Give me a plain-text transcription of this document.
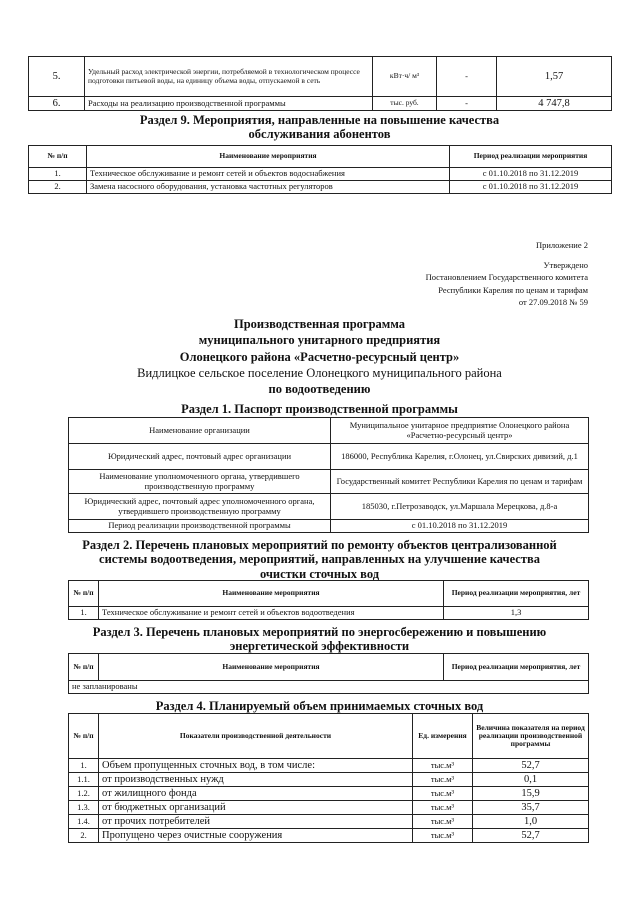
5.	Удельный расход электрической энергии, потребляемой в технологическом процессе подготовки питьевой воды, на единицу объема воды, отпускаемой в сеть	кВт·ч/ м³	-	1,57
6.	Расходы на реализацию производственной программы	тыс. руб.	-	4 747,8
Раздел 9. Мероприятия, направленные на повышение качества
обслуживания абонентов
№ п/п	Наименование мероприятия	Период реализации мероприятия
1.	Техническое обслуживание и ремонт сетей и объектов водоснабжения	с 01.10.2018 по 31.12.2019
2.	Замена насосного оборудования, установка частотных регуляторов	с 01.10.2018 по 31.12.2019
Приложение 2
Утверждено
Постановлением Государственного комитета
Республики Карелия по ценам и тарифам
от 27.09.2018 № 59
Производственная программа
муниципального унитарного предприятия
Олонецкого района «Расчетно-ресурсный центр»
Видлицкое сельское поселение Олонецкого муниципального района
по водоотведению
Раздел 1. Паспорт производственной программы
Наименование организации	Муниципальное унитарное предприятие Олонецкого района «Расчетно-ресурсный центр»
Юридический адрес, почтовый адрес организации	186000, Республика Карелия, г.Олонец, ул.Свирских дивизий, д.1
Наименование уполномоченного органа, утвердившего производственную программу	Государственный комитет Республики Карелия по ценам и тарифам
Юридический адрес, почтовый адрес уполномоченного органа, утвердившего производственную программу	185030, г.Петрозаводск, ул.Маршала Мерецкова, д.8-а
Период реализации производственной программы	с 01.10.2018 по 31.12.2019
Раздел 2. Перечень плановых мероприятий по ремонту объектов централизованной
системы водоотведения, мероприятий, направленных на улучшение качества
очистки сточных вод
№ п/п	Наименование мероприятия	Период реализации мероприятия, лет
1.	Техническое обслуживание и ремонт сетей и объектов водоотведения	1,3
Раздел 3. Перечень плановых мероприятий по энергосбережению и повышению
энергетической эффективности
№ п/п	Наименование мероприятия	Период реализации мероприятия, лет
не запланированы
Раздел 4. Планируемый объем принимаемых сточных вод
№ п/п	Показатели производственной деятельности	Ед. измерения	Величина показателя на период реализации производственной программы
1.	Объем пропущенных сточных вод, в том числе:	тыс.м³	52,7
1.1.	от производственных нужд	тыс.м³	0,1
1.2.	от жилищного фонда	тыс.м³	15,9
1.3.	от бюджетных организаций	тыс.м³	35,7
1.4.	от прочих потребителей	тыс.м³	1,0
2.	Пропущено через очистные сооружения	тыс.м³	52,7
